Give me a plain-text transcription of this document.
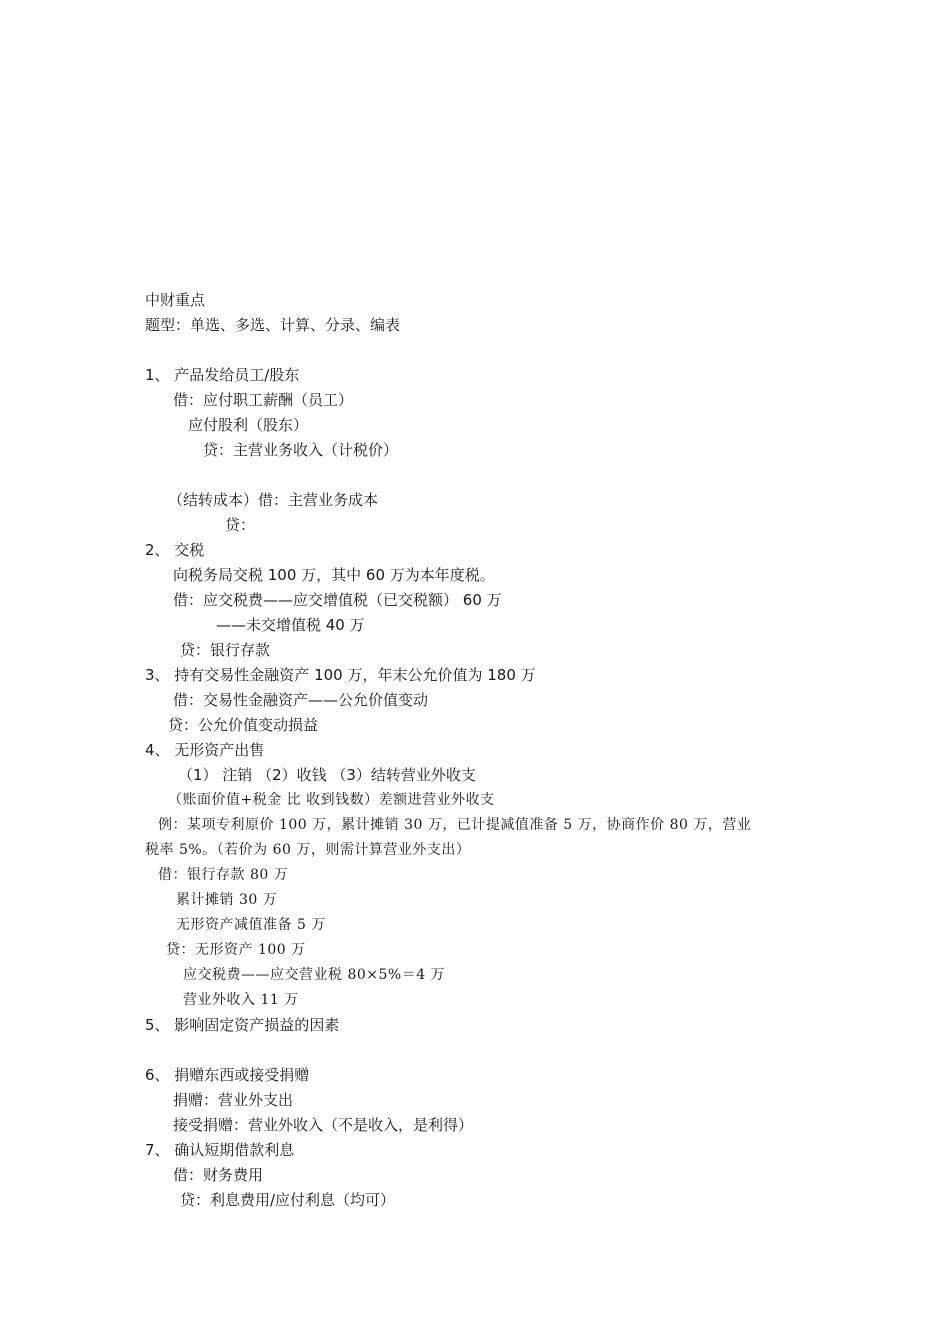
中财重点
题型：单选、多选、计算、分录、编表
1、 产品发给员工/股东
借：应付职工薪酬（员工）
应付股利（股东）
贷：主营业务收入（计税价）
（结转成本）借：主营业务成本
贷：
2、 交税
向税务局交税 100 万，其中 60 万为本年度税。
借：应交税费——应交增值税（已交税额） 60 万
——未交增值税 40 万
贷：银行存款
3、 持有交易性金融资产 100 万，年末公允价值为 180 万
借：交易性金融资产——公允价值变动
贷：公允价值变动损益
4、 无形资产出售
（1） 注销 （2）收钱 （3）结转营业外收支
（账面价值+税金 比 收到钱数）差额进营业外收支
例：某项专利原价 100 万，累计摊销 30 万，已计提减值准备 5 万，协商作价 80 万，营业
税率 5%。（若价为 60 万，则需计算营业外支出）
借：银行存款 80 万
累计摊销 30 万
无形资产减值准备 5 万
贷：无形资产 100 万
应交税费——应交营业税 80×5%＝4 万
营业外收入 11 万
5、 影响固定资产损益的因素
6、 捐赠东西或接受捐赠
捐赠：营业外支出
接受捐赠：营业外收入（不是收入，是利得）
7、 确认短期借款利息
借：财务费用
贷：利息费用/应付利息（均可）
